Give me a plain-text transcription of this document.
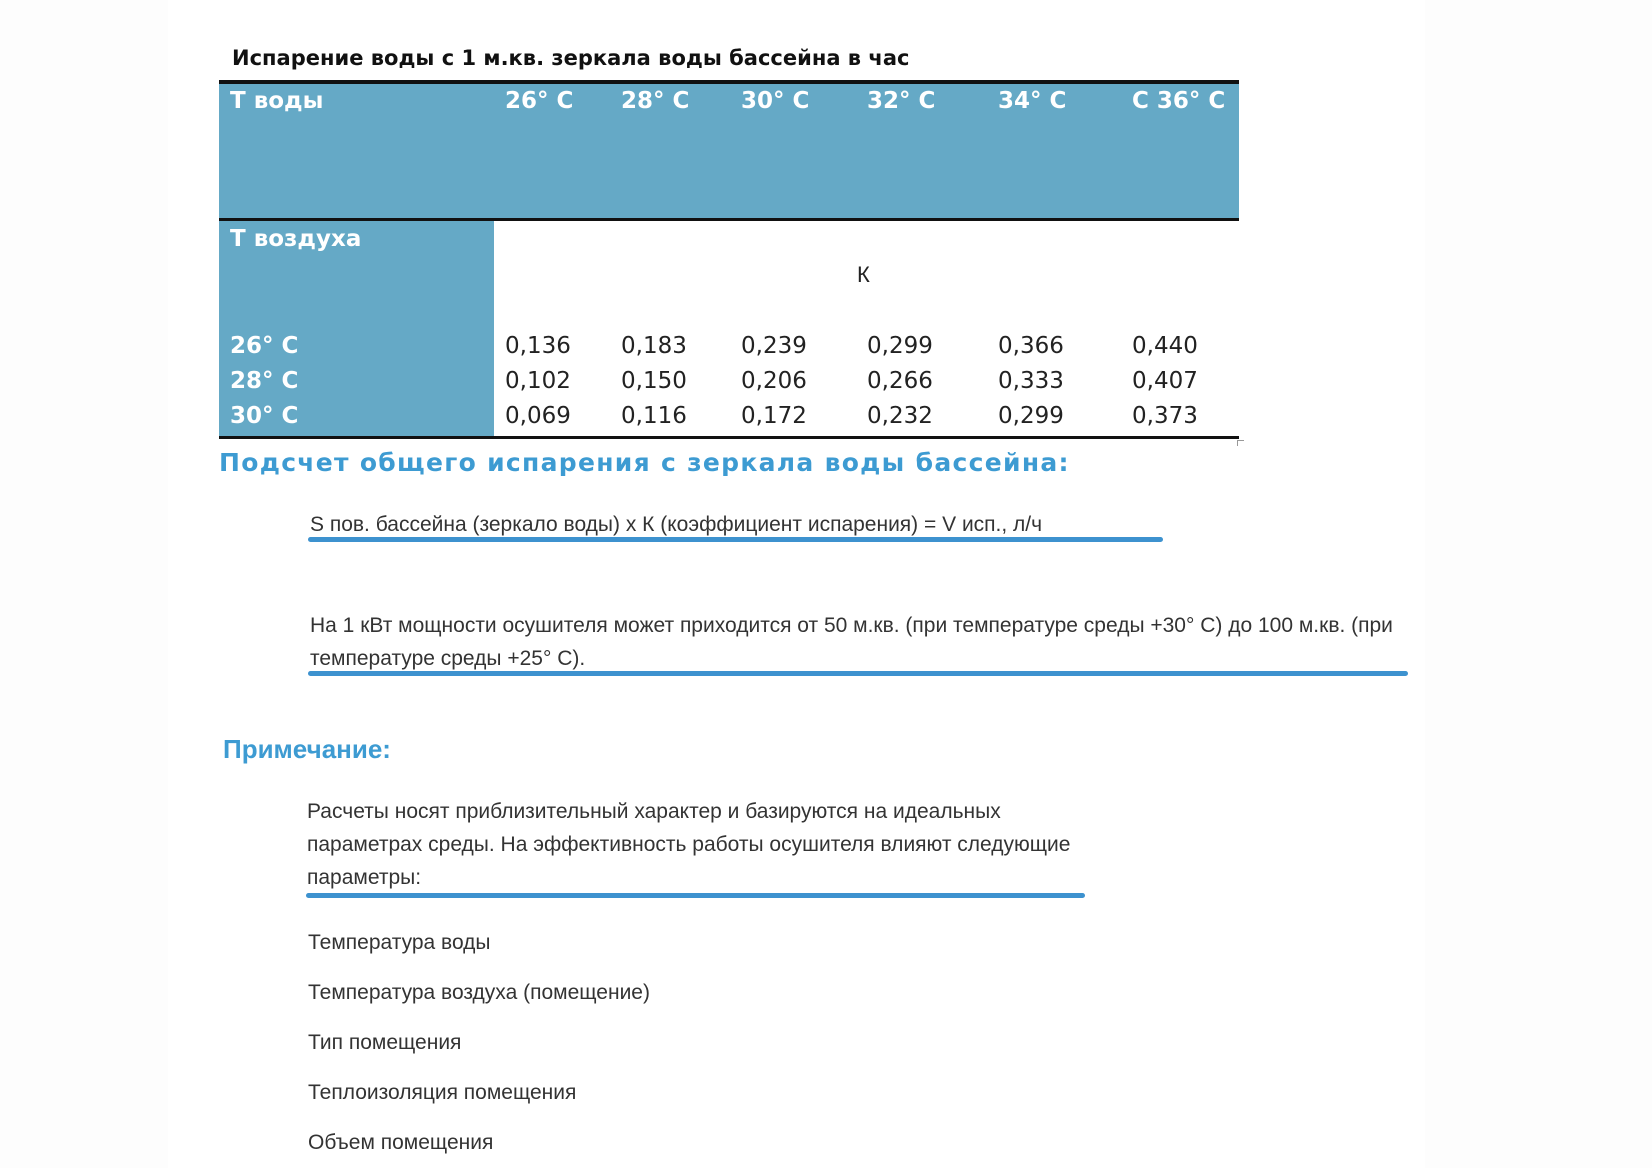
Испарение воды с 1 м.кв. зеркала воды бассейна в час
Т воды	26° С 28° С 30° С	32° С	34° С	С 36° С
Т воздуха
К
26° С	0,136 0,183 0,239	0,299	0,366	0,440
28° С	0,102 0,150 0,206	0,266	0,333	0,407
30° С	0,069 0,116 0,172	0,232	0,299	0,373
Подсчет общего испарения с зеркала воды бассейна:
S пов. бассейна (зеркало воды) х К (коэффициент испарения) = V исп., л/ч
На 1 кВт мощности осушителя может приходится от 50 м.кв. (при температуре среды +30° С) до 100 м.кв. (при температуре среды +25° С).
Примечание:
Расчеты носят приблизительный характер и базируются на идеальных параметрах среды. На эффективность работы осушителя влияют следующие параметры:
Температура воды
Температура воздуха (помещение)
Тип помещения
Теплоизоляция помещения
Объем помещения
